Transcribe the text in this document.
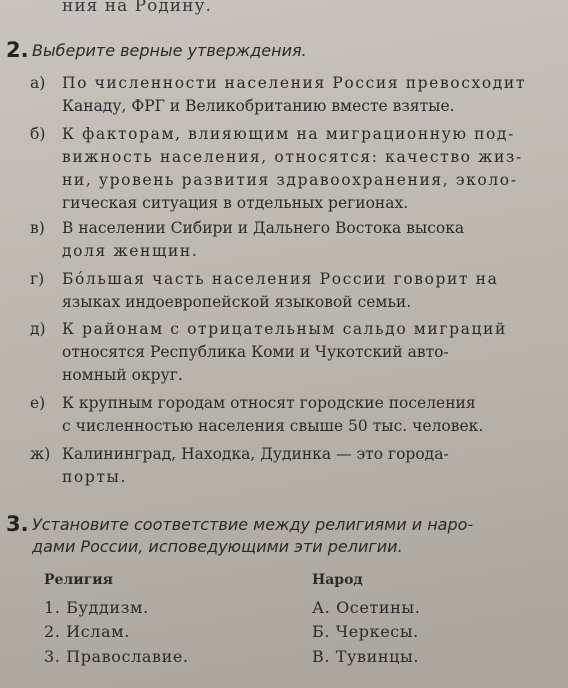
ния на Родину.
2. Выберите верные утверждения.
а) По численности населения Россия превосходит
Канаду, ФРГ и Великобританию вместе взятые.
б) К факторам, влияющим на миграционную под-
вижность населения, относятся: качество жиз-
ни, уровень развития здравоохранения, эколо-
гическая ситуация в отдельных регионах.
в) В населении Сибири и Дальнего Востока высока
доля женщин.
г) Бóльшая часть населения России говорит на
языках индоевропейской языковой семьи.
д) К районам с отрицательным сальдо миграций
относятся Республика Коми и Чукотский авто-
номный округ.
е) К крупным городам относят городские поселения
с численностью населения свыше 50 тыс. человек.
ж) Калининград, Находка, Дудинка — это города-
порты.
3. Установите соответствие между религиями и наро-
дами России, исповедующими эти религии.
Религия	Народ
1. Буддизм.
2. Ислам.
3. Православие.
А. Осетины.
Б. Черкесы.
В. Тувинцы.
